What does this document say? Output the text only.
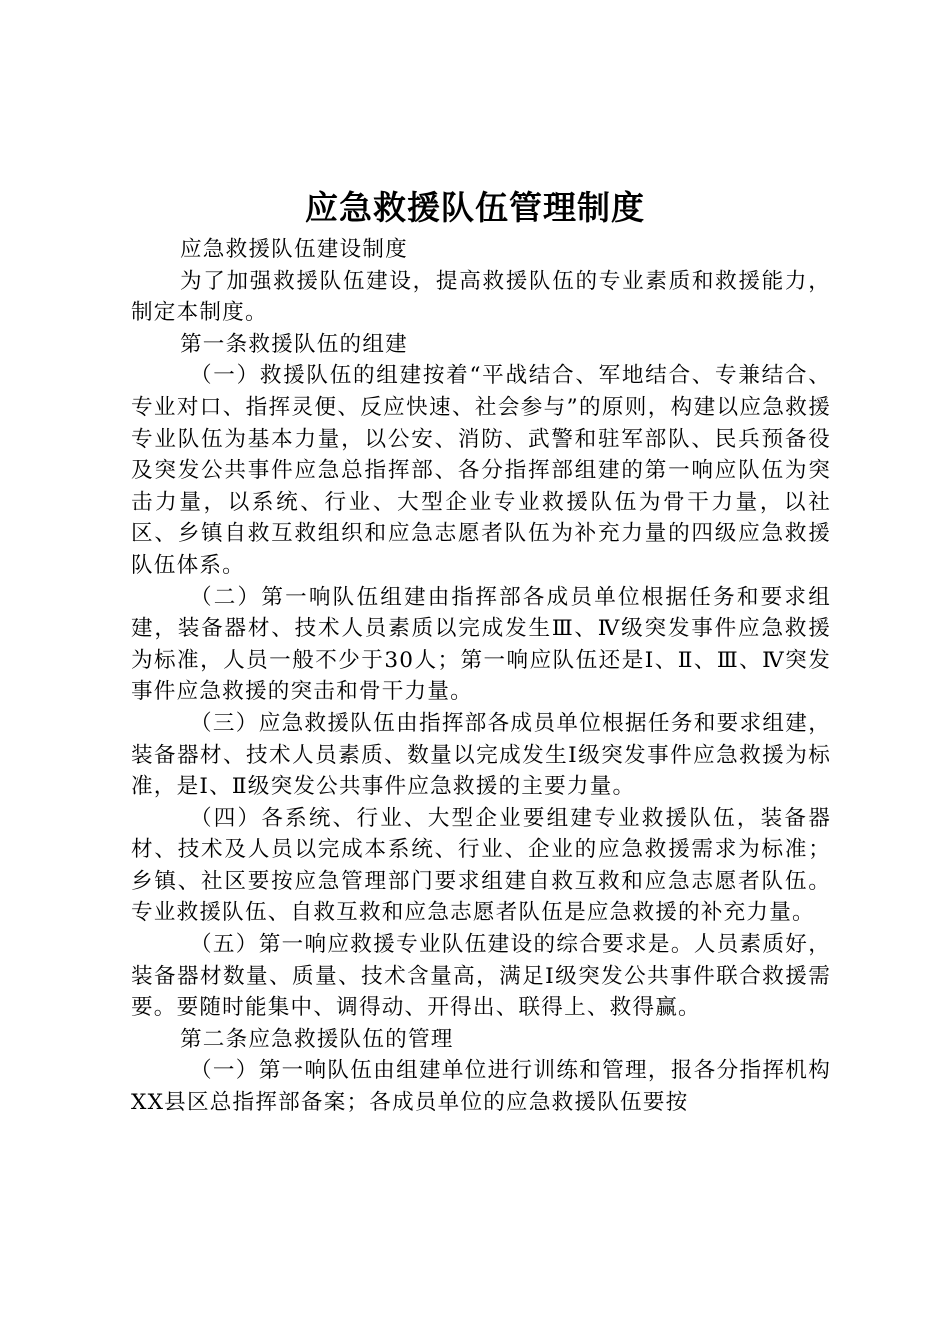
应急救援队伍管理制度

应急救援队伍建设制度

为了加强救援队伍建设，提高救援队伍的专业素质和救援能力，制定本制度。

第一条救援队伍的组建

（一）救援队伍的组建按着“平战结合、军地结合、专兼结合、专业对口、指挥灵便、反应快速、社会参与”的原则，构建以应急救援专业队伍为基本力量，以公安、消防、武警和驻军部队、民兵预备役及突发公共事件应急总指挥部、各分指挥部组建的第一响应队伍为突击力量，以系统、行业、大型企业专业救援队伍为骨干力量，以社区、乡镇自救互救组织和应急志愿者队伍为补充力量的四级应急救援队伍体系。

（二）第一响队伍组建由指挥部各成员单位根据任务和要求组建，装备器材、技术人员素质以完成发生Ⅲ、Ⅳ级突发事件应急救援为标准，人员一般不少于30人；第一响应队伍还是Ⅰ、Ⅱ、Ⅲ、Ⅳ突发事件应急救援的突击和骨干力量。

（三）应急救援队伍由指挥部各成员单位根据任务和要求组建，装备器材、技术人员素质、数量以完成发生Ⅰ级突发事件应急救援为标准，是Ⅰ、Ⅱ级突发公共事件应急救援的主要力量。

（四）各系统、行业、大型企业要组建专业救援队伍，装备器材、技术及人员以完成本系统、行业、企业的应急救援需求为标准；乡镇、社区要按应急管理部门要求组建自救互救和应急志愿者队伍。专业救援队伍、自救互救和应急志愿者队伍是应急救援的补充力量。

（五）第一响应救援专业队伍建设的综合要求是。人员素质好，装备器材数量、质量、技术含量高，满足Ⅰ级突发公共事件联合救援需要。要随时能集中、调得动、开得出、联得上、救得赢。

第二条应急救援队伍的管理

（一）第一响队伍由组建单位进行训练和管理，报各分指挥机构XX县区总指挥部备案；各成员单位的应急救援队伍要按
